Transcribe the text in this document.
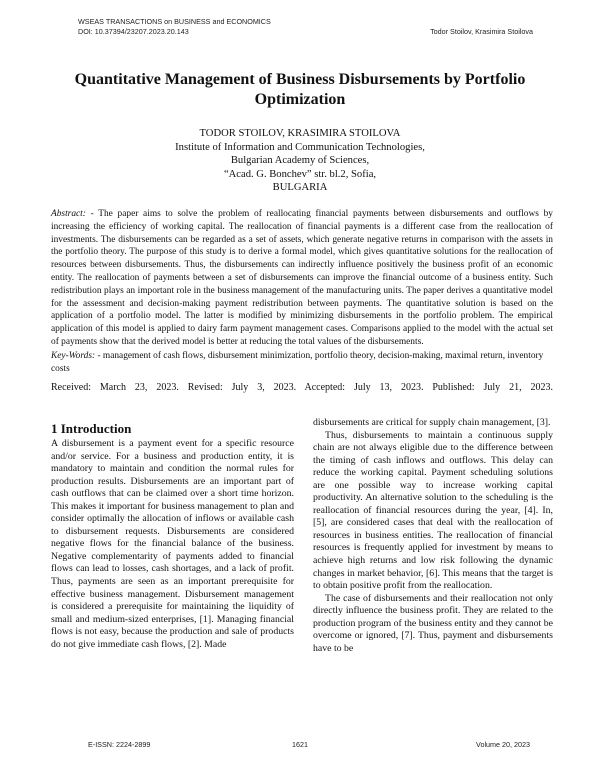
WSEAS TRANSACTIONS on BUSINESS and ECONOMICS
DOI: 10.37394/23207.2023.20.143	Todor Stoilov, Krasimira Stoilova
Quantitative Management of Business Disbursements by Portfolio Optimization
TODOR STOILOV, KRASIMIRA STOILOVA
Institute of Information and Communication Technologies,
Bulgarian Academy of Sciences,
“Acad. G. Bonchev” str. bl.2, Sofia,
BULGARIA
Abstract: - The paper aims to solve the problem of reallocating financial payments between disbursements and outflows by increasing the efficiency of working capital. The reallocation of financial payments is a different case from the reallocation of investments. The disbursements can be regarded as a set of assets, which generate negative returns in comparison with the assets in the portfolio theory. The purpose of this study is to derive a formal model, which gives quantitative solutions for the reallocation of resources between disbursements. Thus, the disbursements can indirectly influence positively the business profit of an economic entity. The reallocation of payments between a set of disbursements can improve the financial outcome of a business entity. Such redistribution plays an important role in the business management of the manufacturing units. The paper derives a quantitative model for the assessment and decision-making payment redistribution between payments. The quantitative solution is based on the application of a portfolio model. The latter is modified by minimizing disbursements in the portfolio problem. The empirical application of this model is applied to dairy farm payment management cases. Comparisons applied to the model with the actual set of payments show that the derived model is better at reducing the total values of the disbursements.
Key-Words: - management of cash flows, disbursement minimization, portfolio theory, decision-making, maximal return, inventory costs
Received: March 23, 2023. Revised: July 3, 2023. Accepted: July 13, 2023. Published: July 21, 2023.
1 Introduction

A disbursement is a payment event for a specific resource and/or service. For a business and production entity, it is mandatory to maintain and condition the normal rules for production results. Disbursements are an important part of cash outflows that can be claimed over a short time horizon. This makes it important for business management to plan and consider optimally the allocation of inflows or available cash to disbursement requests. Disbursements are considered negative flows for the financial balance of the business. Negative complementarity of payments added to financial flows can lead to losses, cash shortages, and a lack of profit. Thus, payments are seen as an important prerequisite for effective business management. Disbursement management is considered a prerequisite for maintaining the liquidity of small and medium-sized enterprises, [1]. Managing financial flows is not easy, because the production and sale of products do not give immediate cash flows, [2]. Made

disbursements are critical for supply chain management, [3].

Thus, disbursements to maintain a continuous supply chain are not always eligible due to the difference between the timing of cash inflows and outflows. This delay can reduce the working capital. Payment scheduling solutions are one possible way to increase working capital productivity. An alternative solution to the scheduling is the reallocation of financial resources during the year, [4]. In, [5], are considered cases that deal with the reallocation of resources in business entities. The reallocation of financial resources is frequently applied for investment by means to achieve high returns and low risk following the dynamic changes in market behavior, [6]. This means that the target is to obtain positive profit from the reallocation.

The case of disbursements and their reallocation not only directly influence the business profit. They are related to the production program of the business entity and they cannot be overcome or ignored, [7]. Thus, payment and disbursements have to be

E-ISSN: 2224-2899	1621	Volume 20, 2023
